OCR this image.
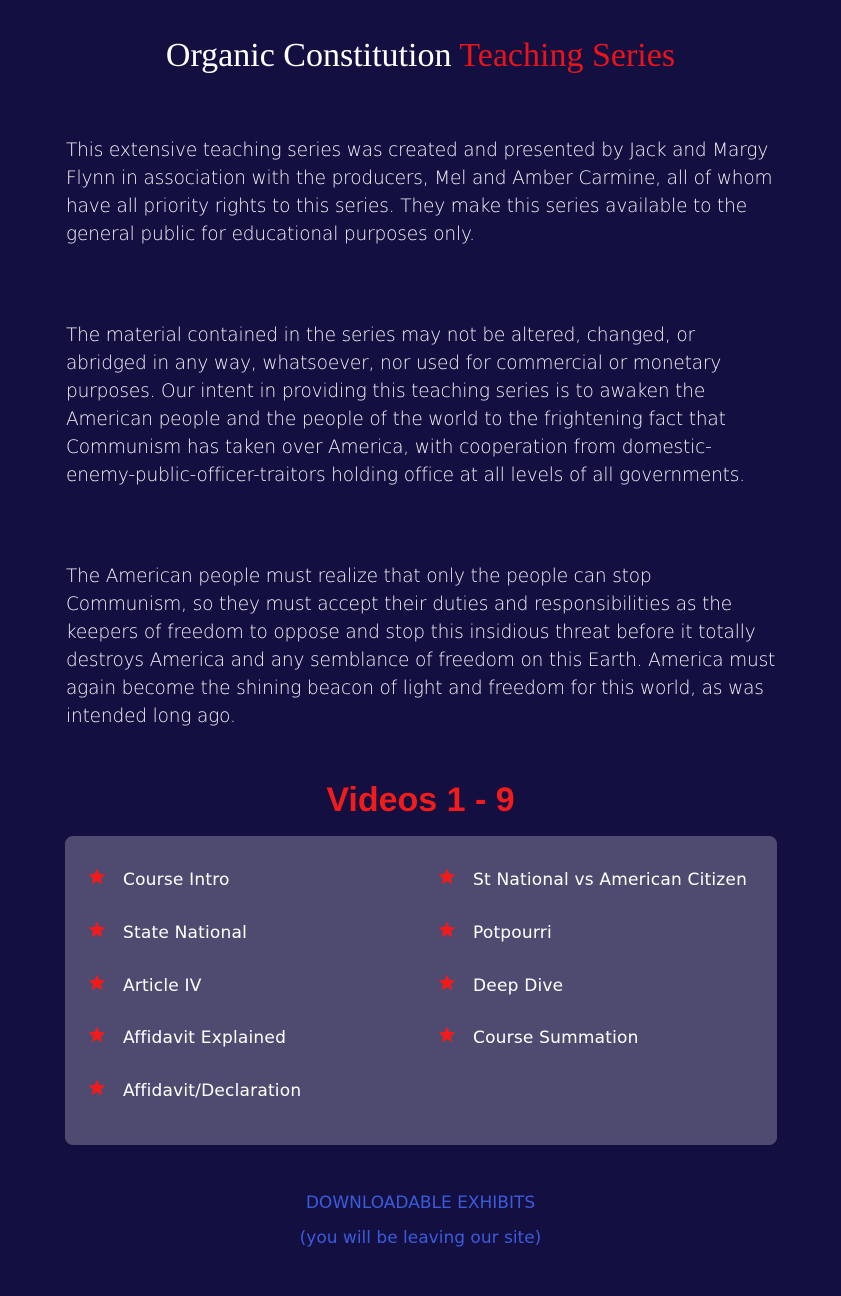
Organic Constitution Teaching Series

This extensive teaching series was created and presented by Jack and Margy Flynn in association with the producers, Mel and Amber Carmine, all of whom have all priority rights to this series. They make this series available to the general public for educational purposes only.

The material contained in the series may not be altered, changed, or abridged in any way, whatsoever, nor used for commercial or monetary purposes. Our intent in providing this teaching series is to awaken the American people and the people of the world to the frightening fact that Communism has taken over America, with cooperation from domestic-enemy-public-officer-traitors holding office at all levels of all governments.

The American people must realize that only the people can stop Communism, so they must accept their duties and responsibilities as the keepers of freedom to oppose and stop this insidious threat before it totally destroys America and any semblance of freedom on this Earth. America must again become the shining beacon of light and freedom for this world, as was intended long ago.

Videos 1 - 9
Course Intro
State National
Article IV
Affidavit Explained
Affidavit/Declaration
St National vs American Citizen
Potpourri
Deep Dive
Course Summation
DOWNLOADABLE EXHIBITS
(you will be leaving our site)
